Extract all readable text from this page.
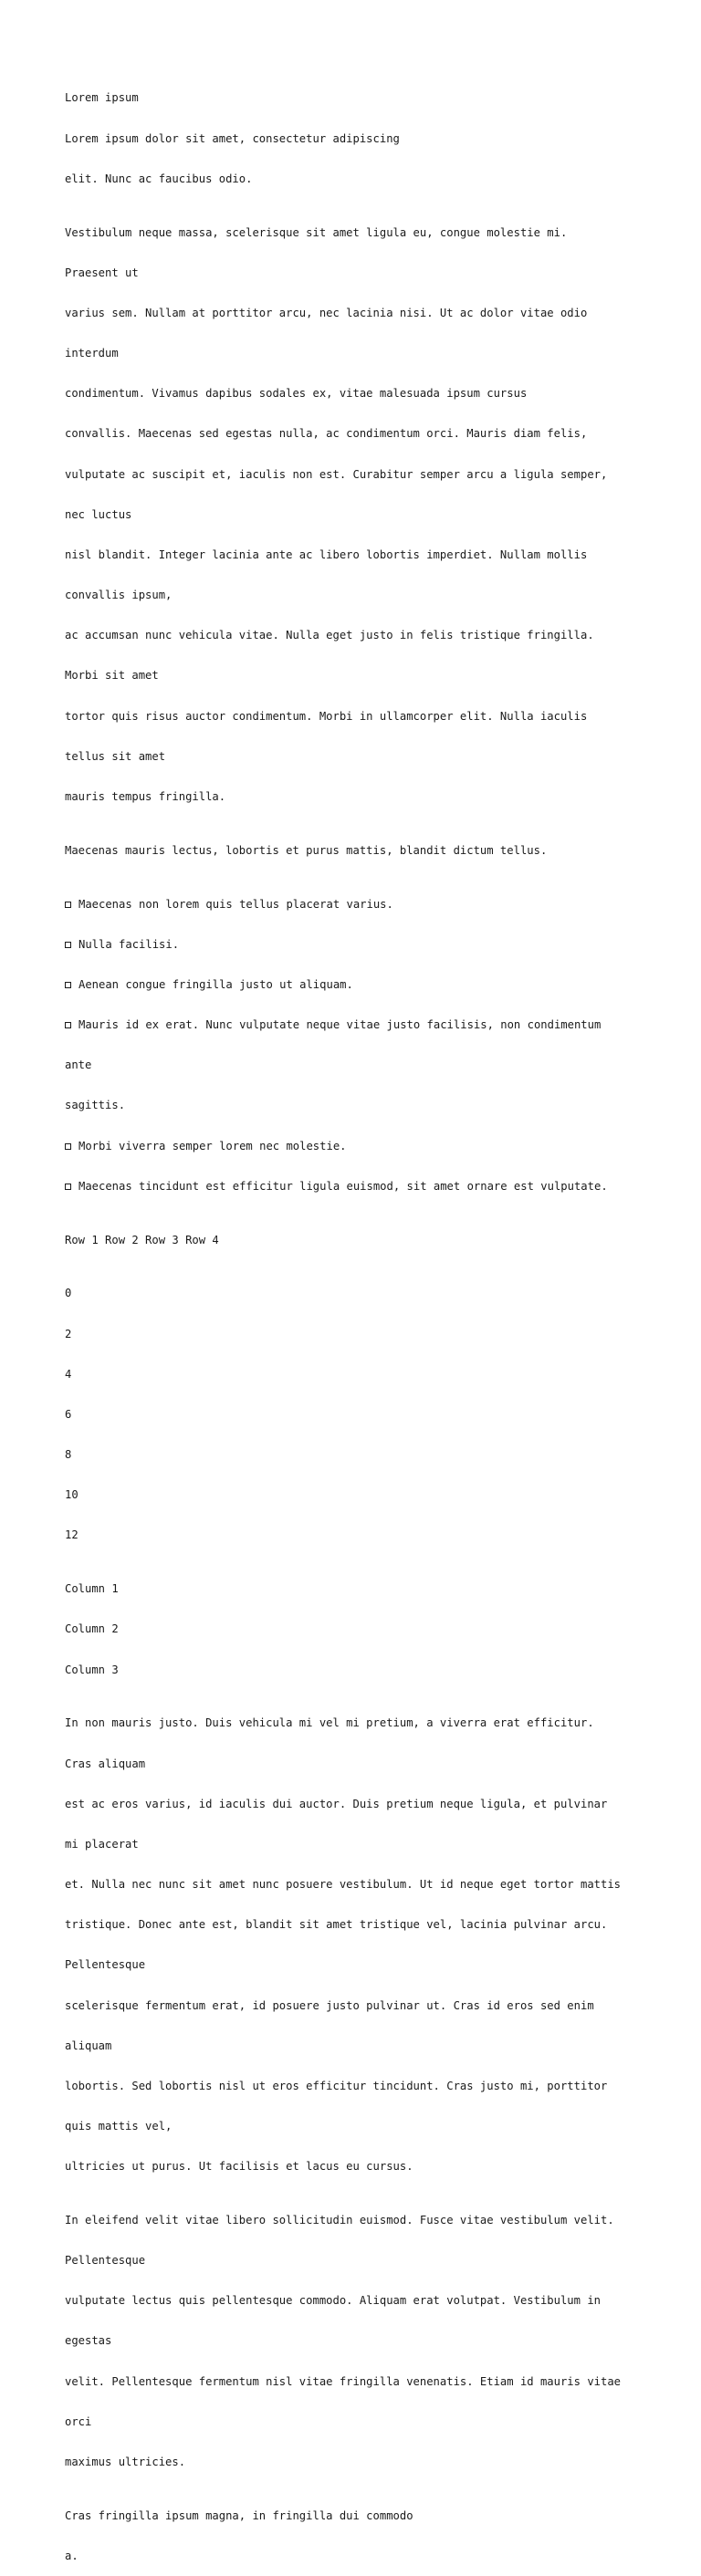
Lorem ipsum

Lorem ipsum dolor sit amet, consectetur adipiscing

elit. Nunc ac faucibus odio.

Vestibulum neque massa, scelerisque sit amet ligula eu, congue molestie mi.

Praesent ut

varius sem. Nullam at porttitor arcu, nec lacinia nisi. Ut ac dolor vitae odio

interdum

condimentum. Vivamus dapibus sodales ex, vitae malesuada ipsum cursus

convallis. Maecenas sed egestas nulla, ac condimentum orci. Mauris diam felis,

vulputate ac suscipit et, iaculis non est. Curabitur semper arcu a ligula semper,

nec luctus

nisl blandit. Integer lacinia ante ac libero lobortis imperdiet. Nullam mollis

convallis ipsum,

ac accumsan nunc vehicula vitae. Nulla eget justo in felis tristique fringilla.

Morbi sit amet

tortor quis risus auctor condimentum. Morbi in ullamcorper elit. Nulla iaculis

tellus sit amet

mauris tempus fringilla.

Maecenas mauris lectus, lobortis et purus mattis, blandit dictum tellus.

Maecenas non lorem quis tellus placerat varius.

Nulla facilisi.

Aenean congue fringilla justo ut aliquam.

Mauris id ex erat. Nunc vulputate neque vitae justo facilisis, non condimentum

ante

sagittis.

Morbi viverra semper lorem nec molestie.

Maecenas tincidunt est efficitur ligula euismod, sit amet ornare est vulputate.

Row 1 Row 2 Row 3 Row 4

0

2

4

6

8

10

12

Column 1

Column 2

Column 3

In non mauris justo. Duis vehicula mi vel mi pretium, a viverra erat efficitur.

Cras aliquam

est ac eros varius, id iaculis dui auctor. Duis pretium neque ligula, et pulvinar

mi placerat

et. Nulla nec nunc sit amet nunc posuere vestibulum. Ut id neque eget tortor mattis

tristique. Donec ante est, blandit sit amet tristique vel, lacinia pulvinar arcu.

Pellentesque

scelerisque fermentum erat, id posuere justo pulvinar ut. Cras id eros sed enim

aliquam

lobortis. Sed lobortis nisl ut eros efficitur tincidunt. Cras justo mi, porttitor

quis mattis vel,

ultricies ut purus. Ut facilisis et lacus eu cursus.

In eleifend velit vitae libero sollicitudin euismod. Fusce vitae vestibulum velit.

Pellentesque

vulputate lectus quis pellentesque commodo. Aliquam erat volutpat. Vestibulum in

egestas

velit. Pellentesque fermentum nisl vitae fringilla venenatis. Etiam id mauris vitae

orci

maximus ultricies.

Cras fringilla ipsum magna, in fringilla dui commodo

a.
